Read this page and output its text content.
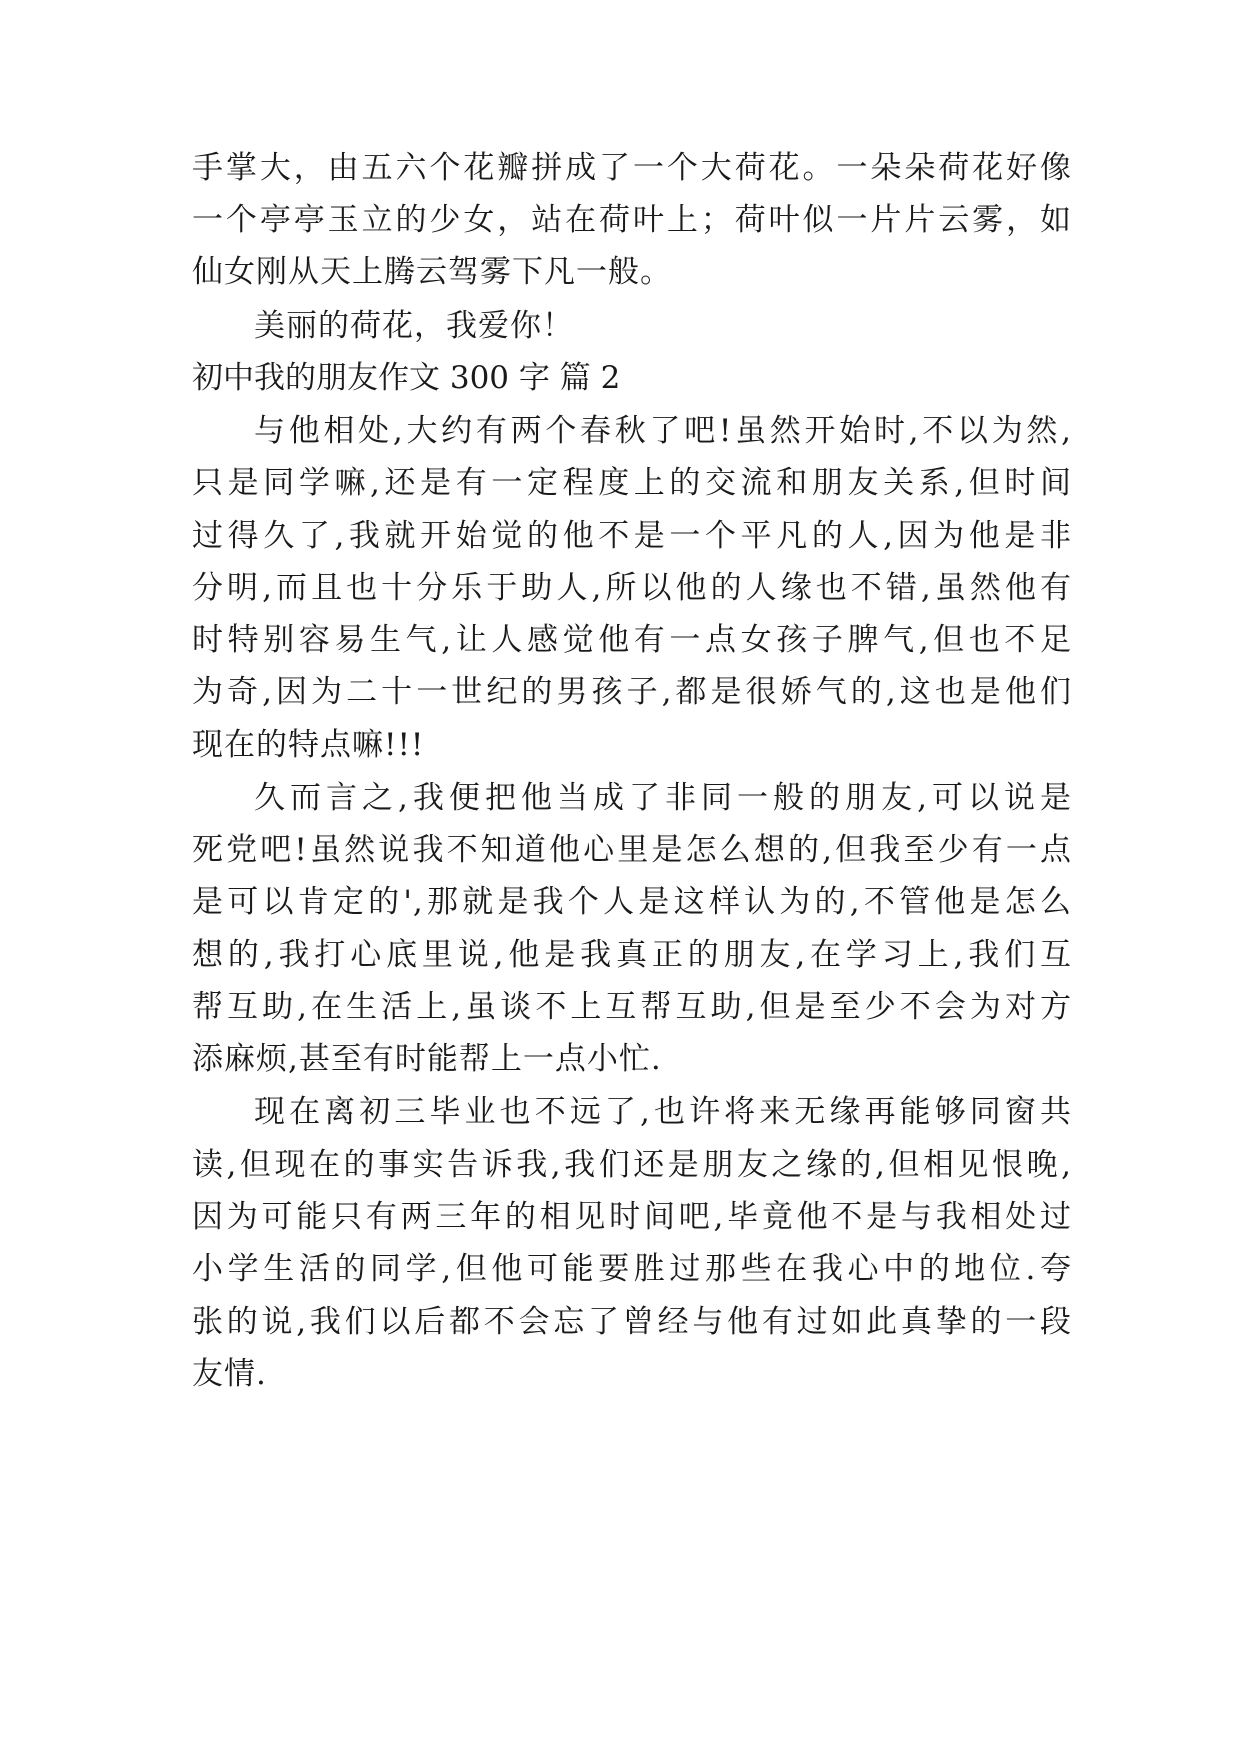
手掌大，由五六个花瓣拼成了一个大荷花。一朵朵荷花好像
一个亭亭玉立的少女，站在荷叶上；荷叶似一片片云雾，如
仙女刚从天上腾云驾雾下凡一般。
美丽的荷花，我爱你！
初中我的朋友作文 300 字 篇 2
与他相处,大约有两个春秋了吧!虽然开始时,不以为然,
只是同学嘛,还是有一定程度上的交流和朋友关系,但时间
过得久了,我就开始觉的他不是一个平凡的人,因为他是非
分明,而且也十分乐于助人,所以他的人缘也不错,虽然他有
时特别容易生气,让人感觉他有一点女孩子脾气,但也不足
为奇,因为二十一世纪的男孩子,都是很娇气的,这也是他们
现在的特点嘛!!!
久而言之,我便把他当成了非同一般的朋友,可以说是
死党吧!虽然说我不知道他心里是怎么想的,但我至少有一点
是可以肯定的',那就是我个人是这样认为的,不管他是怎么
想的,我打心底里说,他是我真正的朋友,在学习上,我们互
帮互助,在生活上,虽谈不上互帮互助,但是至少不会为对方
添麻烦,甚至有时能帮上一点小忙.
现在离初三毕业也不远了,也许将来无缘再能够同窗共
读,但现在的事实告诉我,我们还是朋友之缘的,但相见恨晚,
因为可能只有两三年的相见时间吧,毕竟他不是与我相处过
小学生活的同学,但他可能要胜过那些在我心中的地位.夸
张的说,我们以后都不会忘了曾经与他有过如此真挚的一段
友情.
